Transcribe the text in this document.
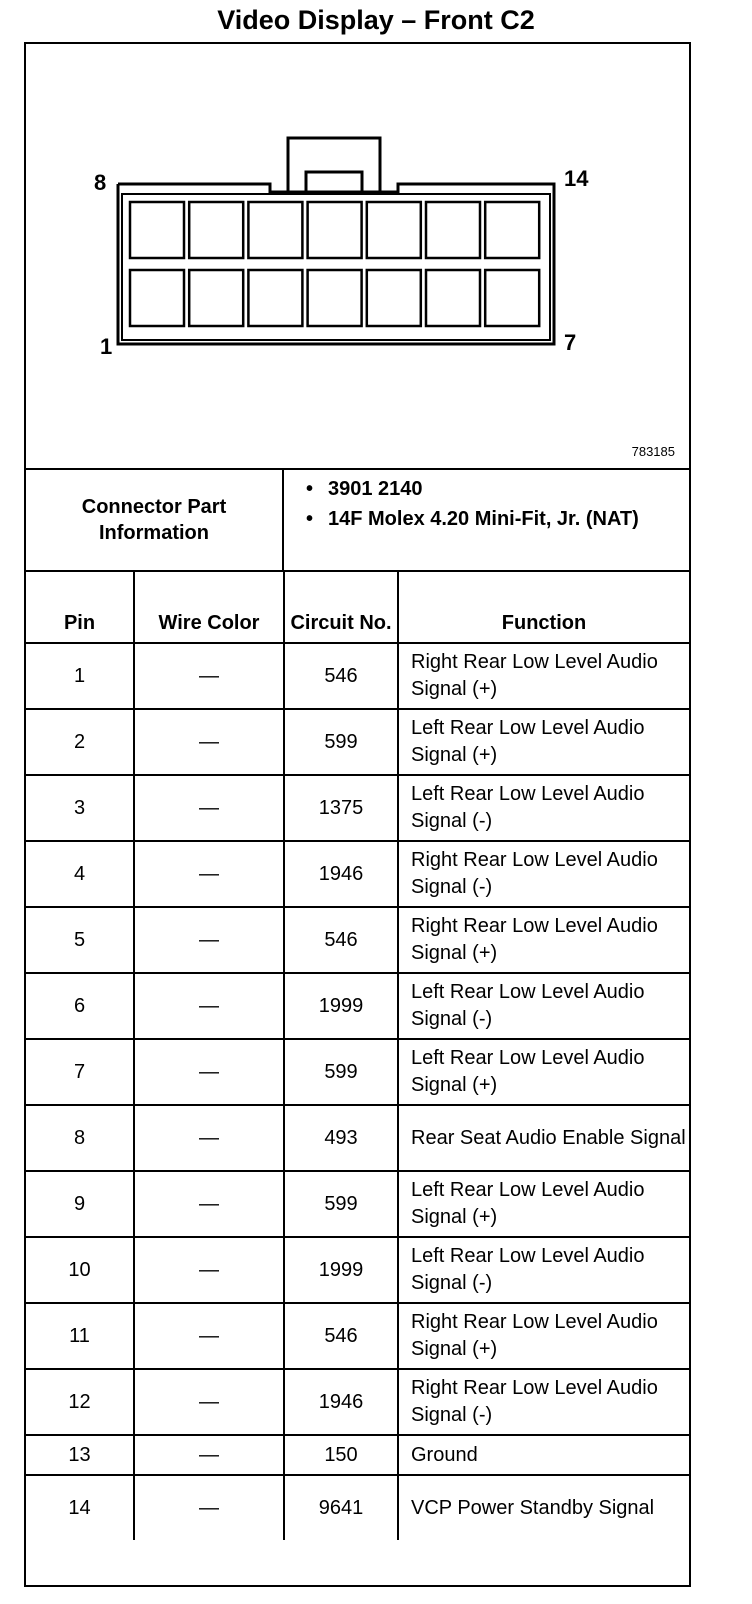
Video Display – Front C2
8	14
1	7
783185
Connector Part Information
• 3901 2140
• 14F Molex 4.20 Mini-Fit, Jr. (NAT)
Pin	Wire Color	Circuit No.	Function
1	—	546	Right Rear Low Level Audio Signal (+)
2	—	599	Left Rear Low Level Audio Signal (+)
3	—	1375	Left Rear Low Level Audio Signal (-)
4	—	1946	Right Rear Low Level Audio Signal (-)
5	—	546	Right Rear Low Level Audio Signal (+)
6	—	1999	Left Rear Low Level Audio Signal (-)
7	—	599	Left Rear Low Level Audio Signal (+)
8	—	493	Rear Seat Audio Enable Signal
9	—	599	Left Rear Low Level Audio Signal (+)
10	—	1999	Left Rear Low Level Audio Signal (-)
11	—	546	Right Rear Low Level Audio Signal (+)
12	—	1946	Right Rear Low Level Audio Signal (-)
13	—	150	Ground
14	—	9641	VCP Power Standby Signal
